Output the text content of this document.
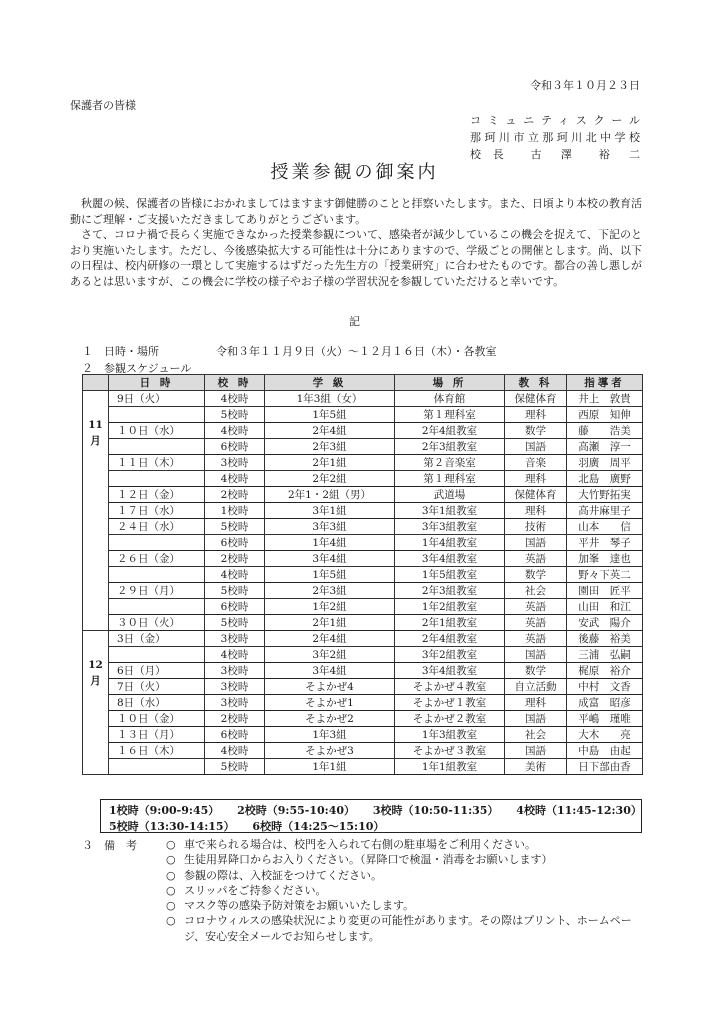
令和３年１０月２３日
保護者の皆様
コミュニティスクール
那珂川市立那珂川北中学校
校 長　 古　澤　 裕　二
授業参観の御案内

秋麗の候、保護者の皆様におかれましてはますます御健勝のことと拝察いたします。また、日頃より本校の教育活動にご理解・ご支援いただきましてありがとうございます。

さて、コロナ禍で長らく実施できなかった授業参観について、感染者が減少しているこの機会を捉えて、下記のとおり実施いたします。ただし、今後感染拡大する可能性は十分にありますので、学級ごとの開催とします。尚、以下の日程は、校内研修の一環として実施するはずだった先生方の「授業研究」に合わせたものです。都合の善し悪しがあるとは思いますが、この機会に学校の様子やお子様の学習状況を参観していただけると幸いです。

記
１　日時・場所	令和３年１１月９日（火）～１２月１６日（木）・各教室
２　参観スケジュール
	日 時	校 時	学 級	場 所	教 科	指導者
11
月	9日（火）	4校時	1年3組（女）	体育館	保健体育	井上　敦貴
		5校時	1年5組	第１理科室	理科	西原　知伸
	１０日（水）	4校時	2年4組	2年4組教室	数学	藤　　浩美
		6校時	2年3組	2年3組教室	国語	高瀬　淳一
	１１日（木）	3校時	2年1組	第２音楽室	音楽	羽廣　周平
		4校時	2年2組	第１理科室	理科	北島　廣野
	１２日（金）	2校時	2年1・2組（男）	武道場	保健体育	大竹野拓実
	１７日（水）	1校時	3年1組	3年1組教室	理科	高井麻里子
	２４日（水）	5校時	3年3組	3年3組教室	技術	山本　　信
		6校時	1年4組	1年4組教室	国語	平井　琴子
	２６日（金）	2校時	3年4組	3年4組教室	英語	加峯　達也
		4校時	1年5組	1年5組教室	数学	野々下英二
	２９日（月）	5校時	2年3組	2年3組教室	社会	園田　匠平
		6校時	1年2組	1年2組教室	英語	山田　和江
	３０日（火）	5校時	2年1組	2年1組教室	英語	安武　陽介
12
月	3日（金）	3校時	2年4組	2年4組教室	英語	後藤　裕美
		4校時	3年2組	3年2組教室	国語	三浦　弘嗣
	6日（月）	3校時	3年4組	3年4組教室	数学	梶原　裕介
	7日（火）	3校時	そよかぜ4	そよかぜ４教室	自立活動	中村　文香
	8日（水）	3校時	そよかぜ1	そよかぜ１教室	理科	成富　昭彦
	１０日（金）	2校時	そよかぜ2	そよかぜ２教室	国語	平嶋　瑾唯
	１３日（月）	6校時	1年3組	1年3組教室	社会	大木　　亮
	１６日（木）	4校時	そよかぜ3	そよかぜ３教室	国語	中島　由起
		5校時	1年1組	1年1組教室	美術	日下部由香
1校時（9:00-9:45） 2校時（9:55-10:40） 3校時（10:50-11:35） 4校時（11:45-12:30）
5校時（13:30-14:15） 6校時（14:25～15:10）
３　備　考	○ 車で来られる場合は、校門を入られて右側の駐車場をご利用ください。
○ 生徒用昇降口からお入りください。（昇降口で検温・消毒をお願いします）
○ 参観の際は、入校証をつけてください。
○ スリッパをご持参ください。
○ マスク等の感染予防対策をお願いいたします。
○ コロナウィルスの感染状況により変更の可能性があります。その際はプリント、ホームページ、安心安全メールでお知らせします。
